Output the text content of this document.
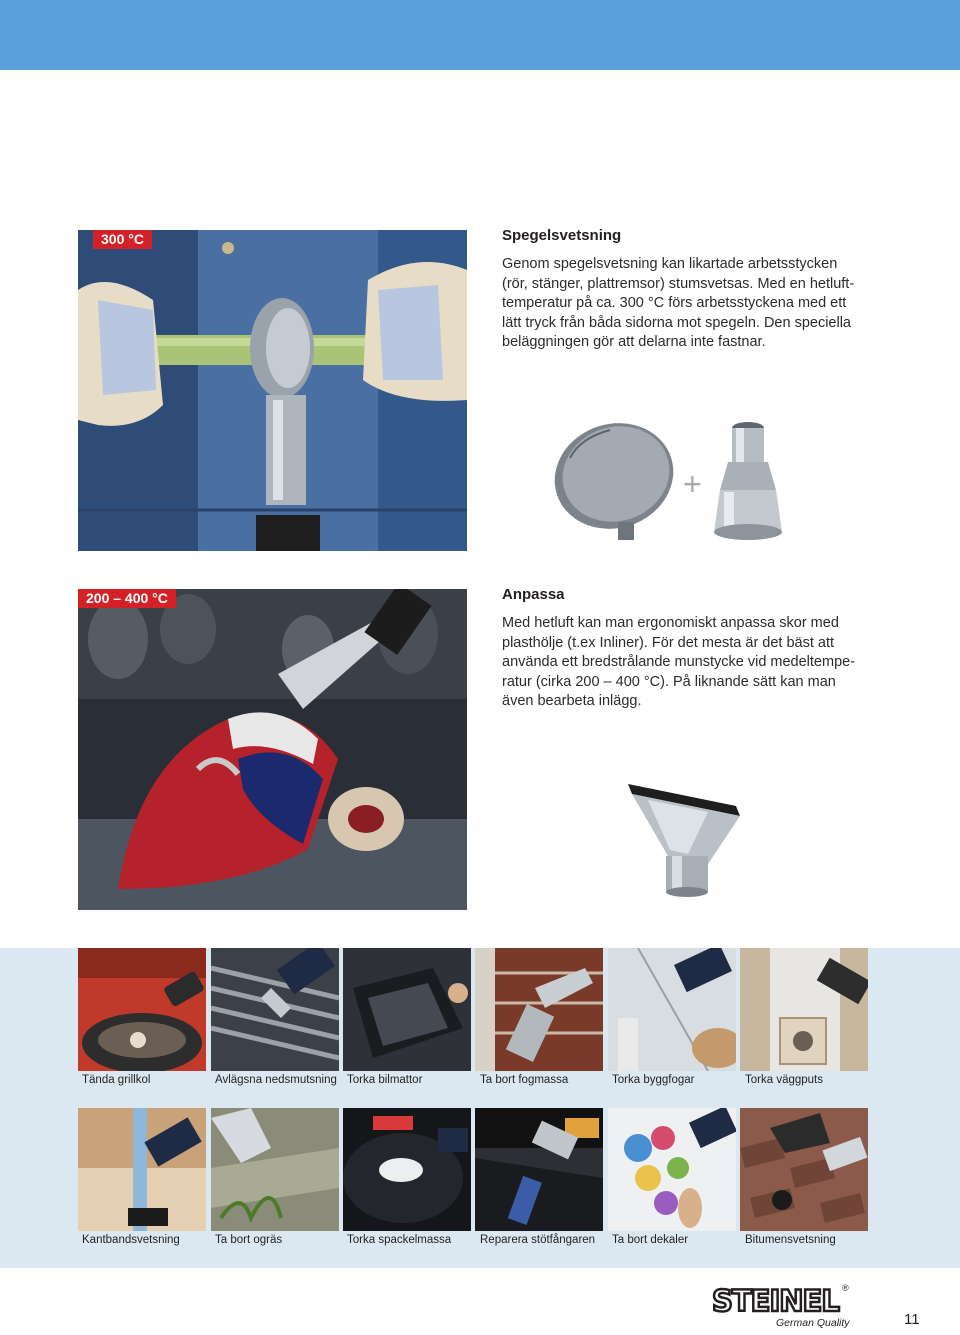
300 °C	Spegelsvetsning
Genom spegelsvetsning kan likartade arbetsstycken
(rör, stänger, plattremsor) stumsvetsas. Med en hetluft-
temperatur på ca. 300 °C förs arbetsstyckena med ett
lätt tryck från båda sidorna mot spegeln. Den speciella
beläggningen gör att delarna inte fastnar.
+
200 – 400 °C	Anpassa
Med hetluft kan man ergonomiskt anpassa skor med
plasthölje (t.ex Inliner). För det mesta är det bäst att
använda ett bredstrålande munstycke vid medeltempe-
ratur (cirka 200 – 400 °C). På liknande sätt kan man
även bearbeta inlägg.
Tända grillkol	Avlägsna nedsmutsning Torka bilmattor	Ta bort fogmassa	Torka byggfogar	Torka väggputs
Kantbandsvetsning	Ta bort ogräs	Torka spackelmassa	Reparera stötfångaren Ta bort dekaler	Bitumensvetsning
STEINEL ®
German Quality	11
